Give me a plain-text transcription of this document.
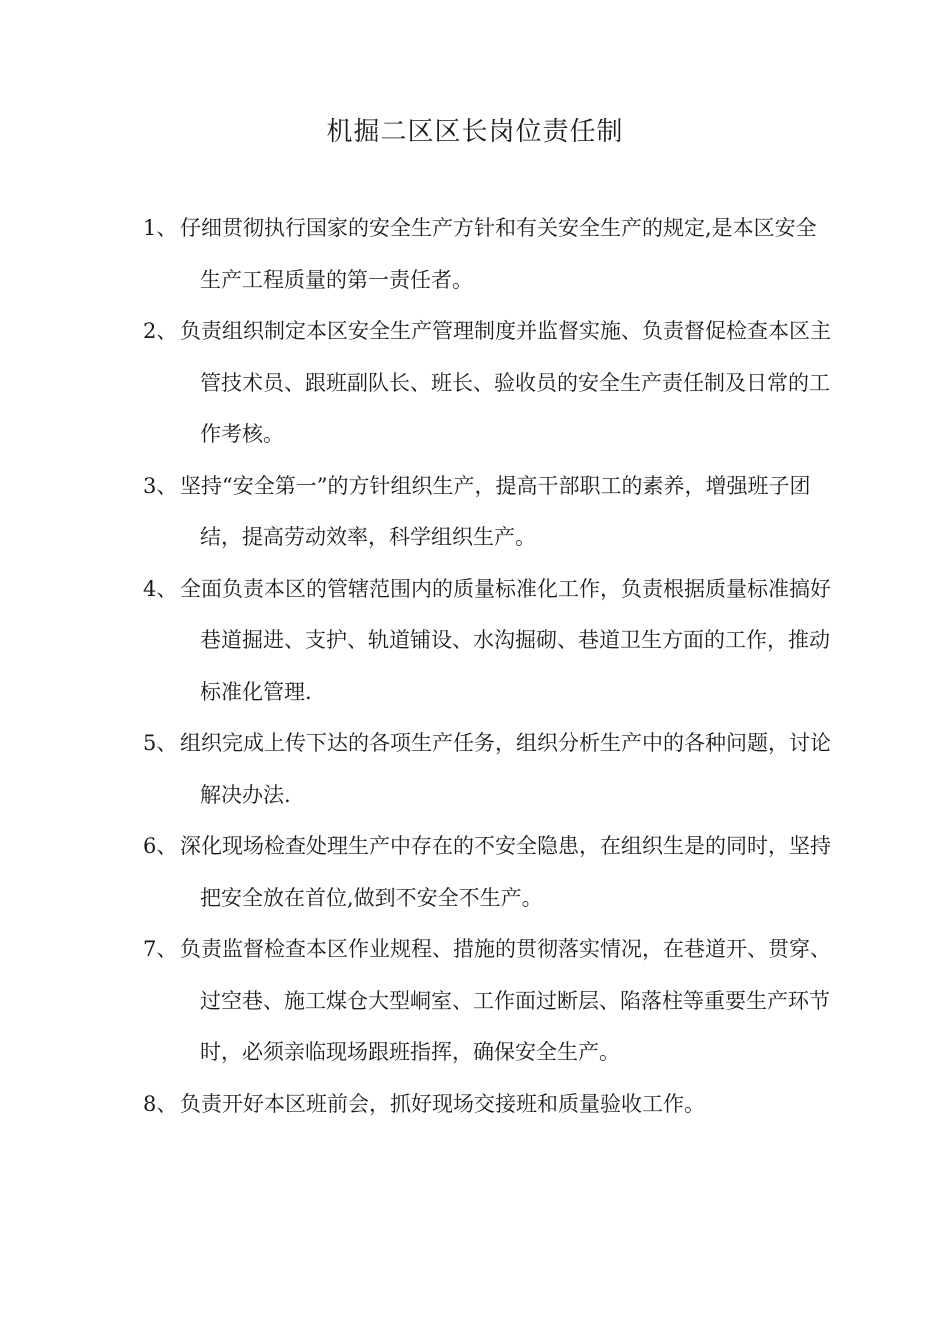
机掘二区区长岗位责任制
1、 仔细贯彻执行国家的安全生产方针和有关安全生产的规定,是本区安全生产工程质量的第一责任者。
2、 负责组织制定本区安全生产管理制度并监督实施、负责督促检查本区主管技术员、跟班副队长、班长、验收员的安全生产责任制及日常的工作考核。
3、 坚持“安全第一”的方针组织生产，提高干部职工的素养，增强班子团结，提高劳动效率，科学组织生产。
4、 全面负责本区的管辖范围内的质量标准化工作，负责根据质量标准搞好巷道掘进、支护、轨道铺设、水沟掘砌、巷道卫生方面的工作，推动标准化管理.
5、 组织完成上传下达的各项生产任务，组织分析生产中的各种问题，讨论解决办法.
6、 深化现场检查处理生产中存在的不安全隐患，在组织生是的同时，坚持把安全放在首位,做到不安全不生产。
7、 负责监督检查本区作业规程、措施的贯彻落实情况，在巷道开、贯穿、过空巷、施工煤仓大型峒室、工作面过断层、陷落柱等重要生产环节时，必须亲临现场跟班指挥，确保安全生产。
8、 负责开好本区班前会，抓好现场交接班和质量验收工作。
